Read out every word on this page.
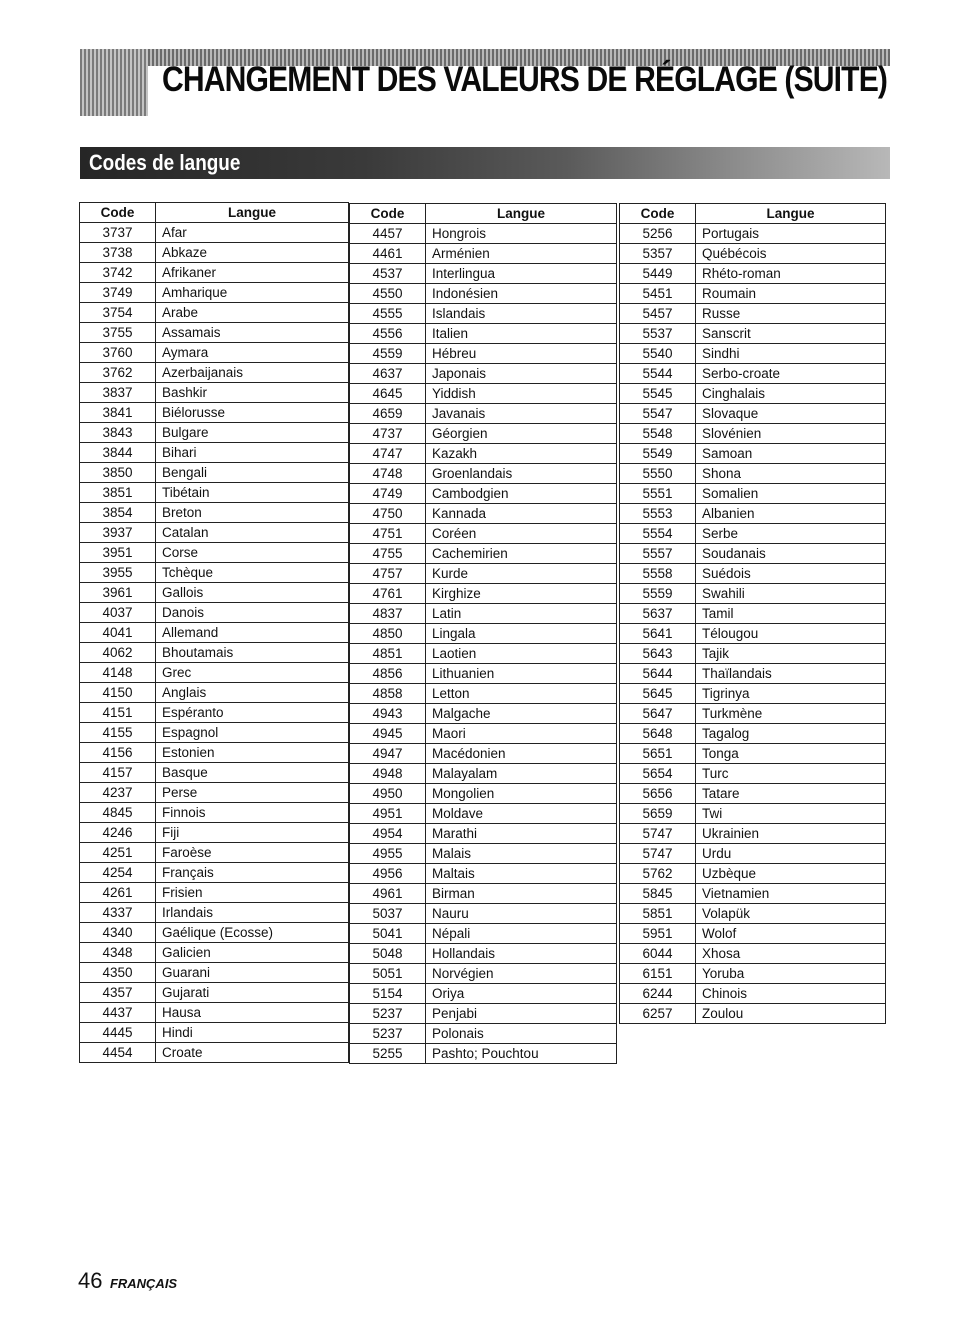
CHANGEMENT DES VALEURS DE RÉGLAGE (SUITE)
Codes de langue
Code	Langue
3737	Afar
3738	Abkaze
3742	Afrikaner
3749	Amharique
3754	Arabe
3755	Assamais
3760	Aymara
3762	Azerbaijanais
3837	Bashkir
3841	Biélorusse
3843	Bulgare
3844	Bihari
3850	Bengali
3851	Tibétain
3854	Breton
3937	Catalan
3951	Corse
3955	Tchèque
3961	Gallois
4037	Danois
4041	Allemand
4062	Bhoutamais
4148	Grec
4150	Anglais
4151	Espéranto
4155	Espagnol
4156	Estonien
4157	Basque
4237	Perse
4845	Finnois
4246	Fiji
4251	Faroèse
4254	Français
4261	Frisien
4337	Irlandais
4340	Gaélique (Ecosse)
4348	Galicien
4350	Guarani
4357	Gujarati
4437	Hausa
4445	Hindi
4454	Croate
Code	Langue
4457	Hongrois
4461	Arménien
4537	Interlingua
4550	Indonésien
4555	Islandais
4556	Italien
4559	Hébreu
4637	Japonais
4645	Yiddish
4659	Javanais
4737	Géorgien
4747	Kazakh
4748	Groenlandais
4749	Cambodgien
4750	Kannada
4751	Coréen
4755	Cachemirien
4757	Kurde
4761	Kirghize
4837	Latin
4850	Lingala
4851	Laotien
4856	Lithuanien
4858	Letton
4943	Malgache
4945	Maori
4947	Macédonien
4948	Malayalam
4950	Mongolien
4951	Moldave
4954	Marathi
4955	Malais
4956	Maltais
4961	Birman
5037	Nauru
5041	Népali
5048	Hollandais
5051	Norvégien
5154	Oriya
5237	Penjabi
5237	Polonais
5255	Pashto; Pouchtou
Code	Langue
5256	Portugais
5357	Québécois
5449	Rhéto-roman
5451	Roumain
5457	Russe
5537	Sanscrit
5540	Sindhi
5544	Serbo-croate
5545	Cinghalais
5547	Slovaque
5548	Slovénien
5549	Samoan
5550	Shona
5551	Somalien
5553	Albanien
5554	Serbe
5557	Soudanais
5558	Suédois
5559	Swahili
5637	Tamil
5641	Télougou
5643	Tajik
5644	Thaïlandais
5645	Tigrinya
5647	Turkmène
5648	Tagalog
5651	Tonga
5654	Turc
5656	Tatare
5659	Twi
5747	Ukrainien
5747	Urdu
5762	Uzbèque
5845	Vietnamien
5851	Volapük
5951	Wolof
6044	Xhosa
6151	Yoruba
6244	Chinois
6257	Zoulou
46 FRANÇAIS
